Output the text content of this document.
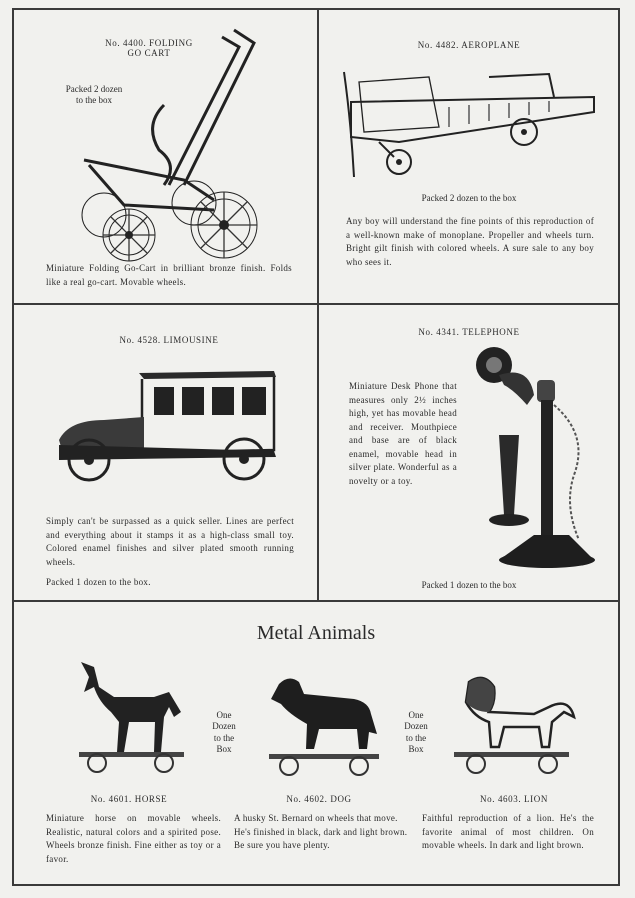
No. 4400. FOLDING
GO CART
Packed 2 dozen
to the box
Miniature Folding Go-Cart in brilliant bronze finish. Folds like a real go-cart. Movable wheels.
No. 4482. AEROPLANE
Packed 2 dozen to the box
Any boy will understand the fine points of this reproduction of a well-known make of monoplane. Propeller and wheels turn. Bright gilt finish with colored wheels. A sure sale to any boy who sees it.
No. 4528. LIMOUSINE
Simply can't be surpassed as a quick seller. Lines are perfect and everything about it stamps it as a high-class small toy. Colored enamel finishes and silver plated smooth running wheels.
Packed 1 dozen to the box.
No. 4341. TELEPHONE
Miniature Desk Phone that measures only 2½ inches high, yet has movable head and receiver. Mouthpiece and base are of black enamel, movable head in silver plate. Wonderful as a novelty or a toy.
Packed 1 dozen to the box
Metal Animals
One
Dozen
to the
Box
One
Dozen
to the
Box
No. 4601. HORSE	No. 4602. DOG	No. 4603. LION
Miniature horse on movable wheels. Realistic, natural colors and a spirited pose. Wheels bronze finish. Fine either as toy or a favor.
A husky St. Bernard on wheels that move. He's finished in black, dark and light brown. Be sure you have plenty.
Faithful reproduction of a lion. He's the favorite animal of most children. On movable wheels. In dark and light brown.
